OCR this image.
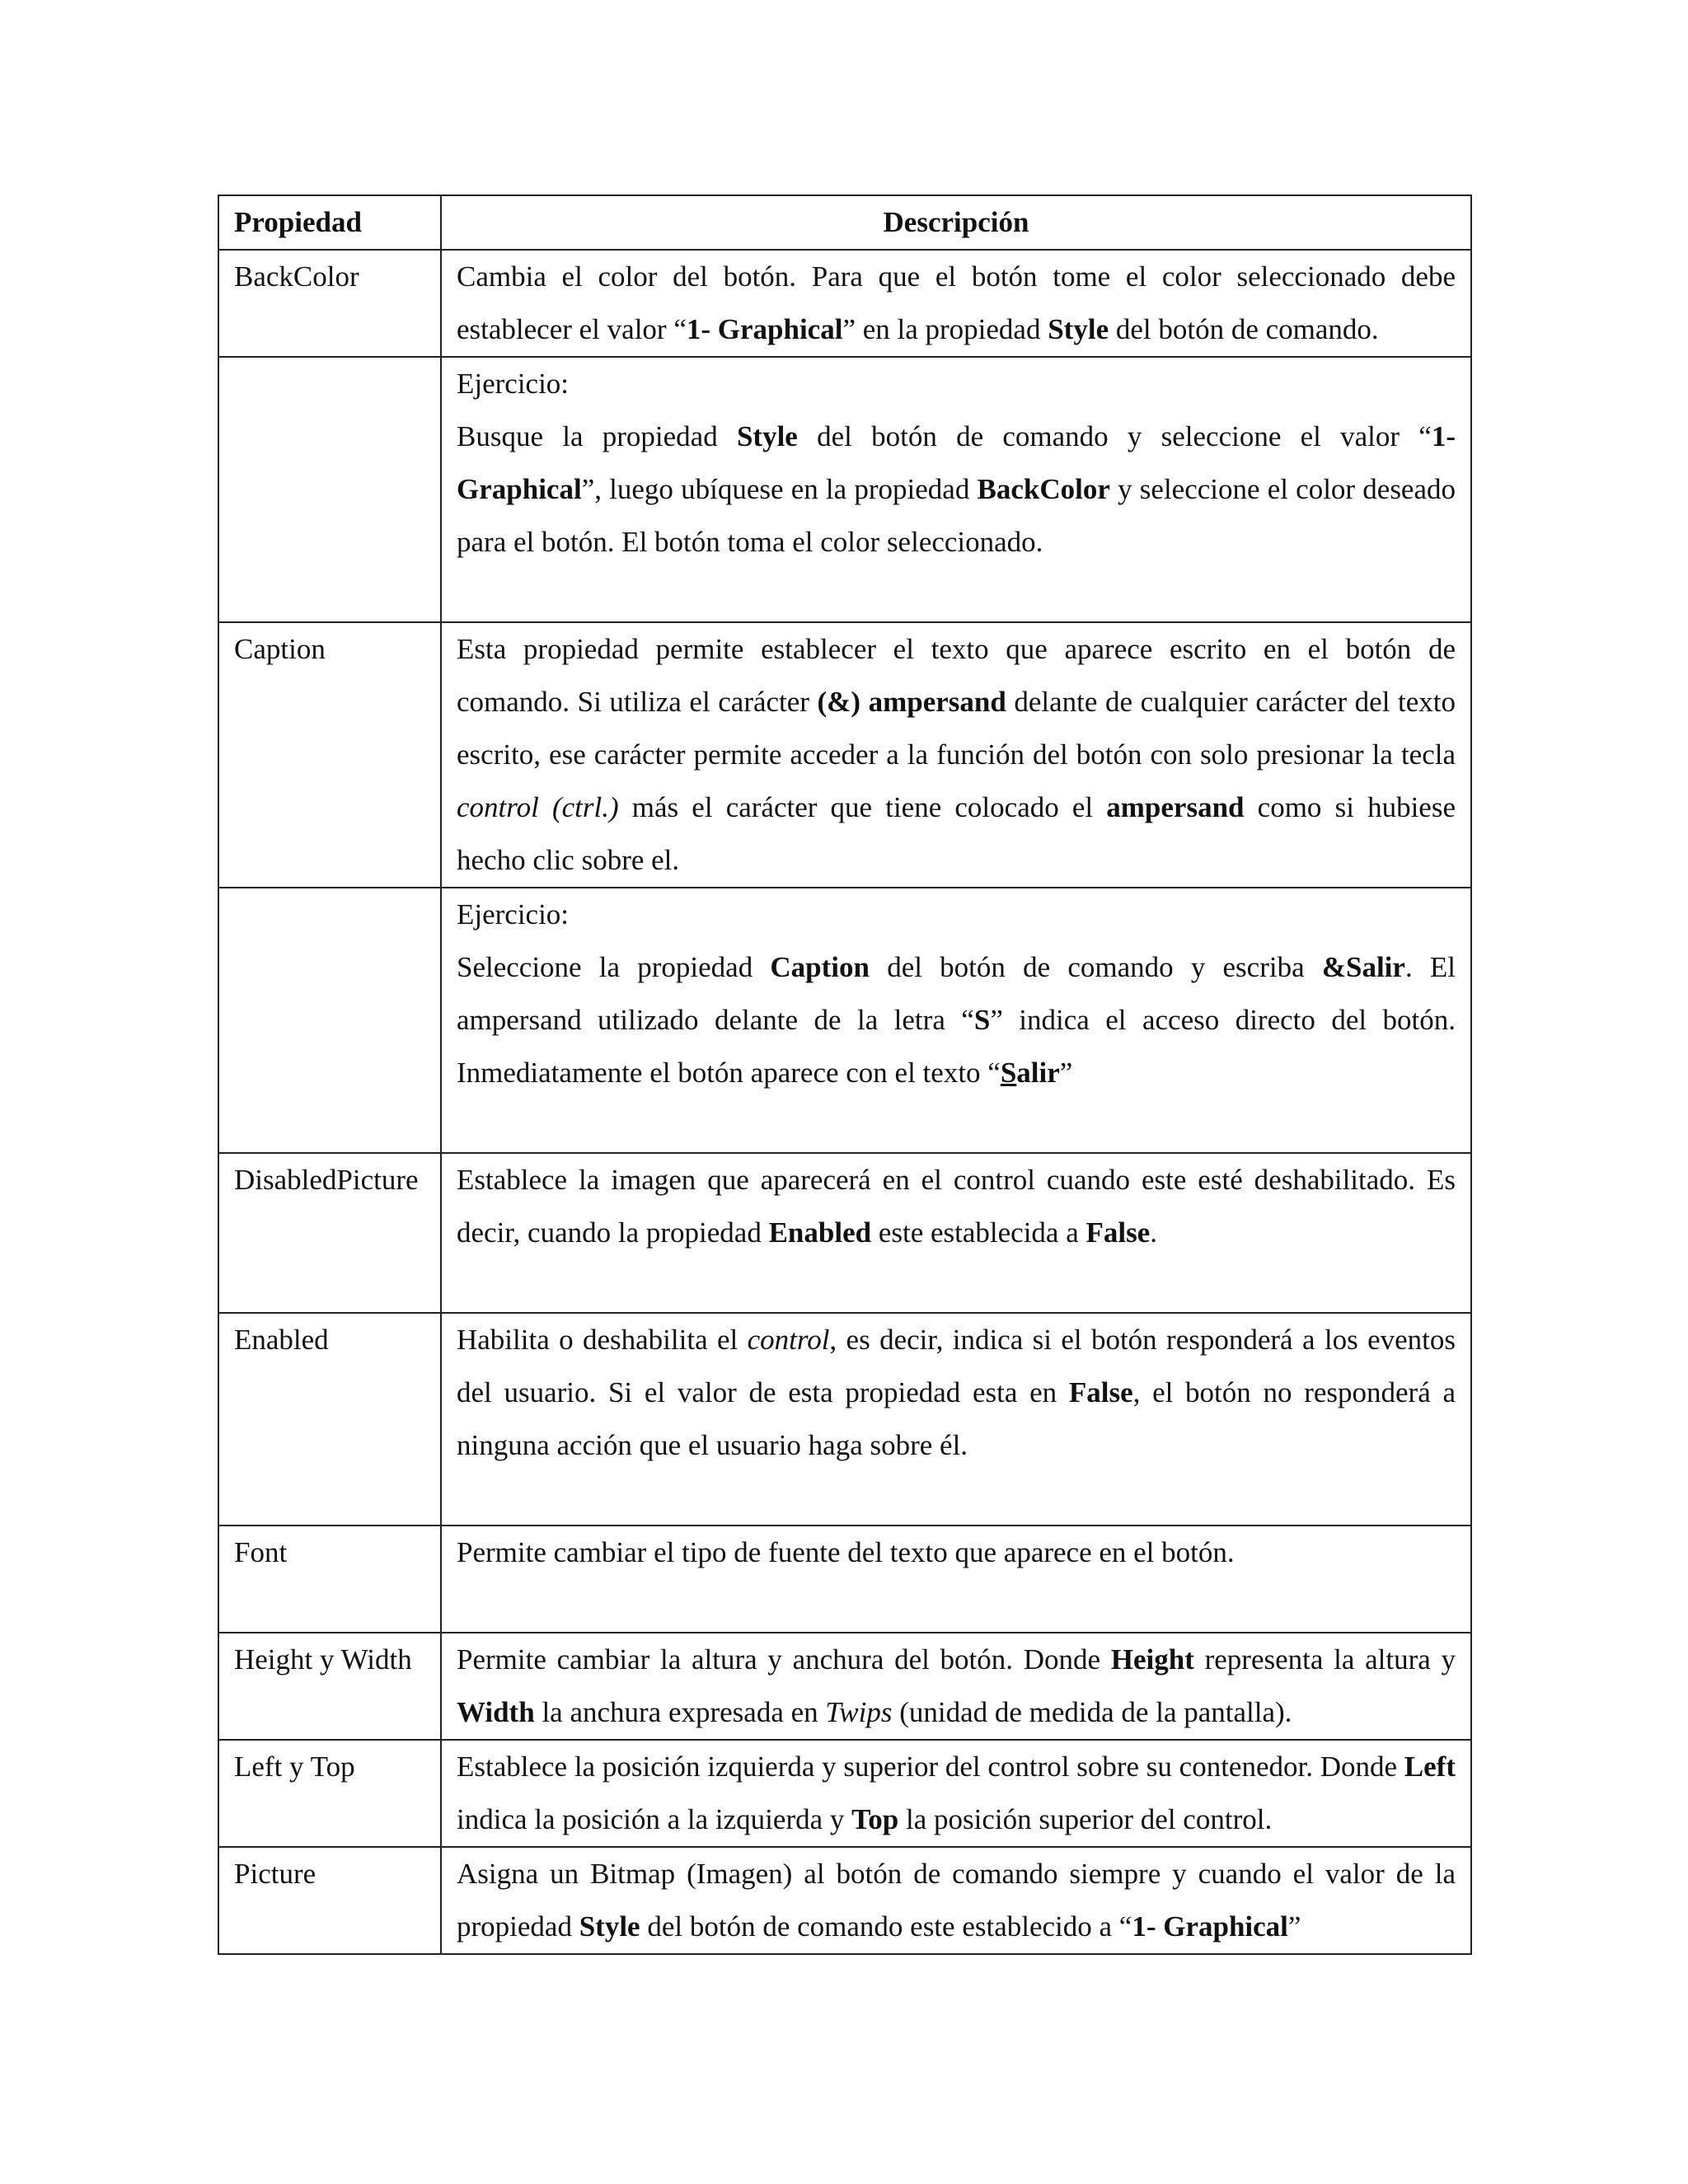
Propiedad	Descripción
BackColor	Cambia el color del botón. Para que el botón tome el color seleccionado debe establecer el valor “1- Graphical” en la propiedad Style del botón de comando.

	Ejercicio:

Busque la propiedad Style del botón de comando y seleccione el valor “1-Graphical”, luego ubíquese en la propiedad BackColor y seleccione el color deseado para el botón. El botón toma el color seleccionado.

Caption	Esta propiedad permite establecer el texto que aparece escrito en el botón de comando. Si utiliza el carácter (&) ampersand delante de cualquier carácter del texto escrito, ese carácter permite acceder a la función del botón con solo presionar la tecla control (ctrl.) más el carácter que tiene colocado el ampersand como si hubiese hecho clic sobre el.

	Ejercicio:

Seleccione la propiedad Caption del botón de comando y escriba &Salir. El ampersand utilizado delante de la letra “S” indica el acceso directo del botón. Inmediatamente el botón aparece con el texto “Salir”

DisabledPicture	Establece la imagen que aparecerá en el control cuando este esté deshabilitado. Es decir, cuando la propiedad Enabled este establecida a False.

Enabled	Habilita o deshabilita el control, es decir, indica si el botón responderá a los eventos del usuario. Si el valor de esta propiedad esta en False, el botón no responderá a ninguna acción que el usuario haga sobre él.

Font	Permite cambiar el tipo de fuente del texto que aparece en el botón.

Height y Width	Permite cambiar la altura y anchura del botón. Donde Height representa la altura y Width la anchura expresada en Twips (unidad de medida de la pantalla).

Left y Top	Establece la posición izquierda y superior del control sobre su contenedor. Donde Left indica la posición a la izquierda y Top la posición superior del control.

Picture	Asigna un Bitmap (Imagen) al botón de comando siempre y cuando el valor de la propiedad Style del botón de comando este establecido a “1- Graphical”
